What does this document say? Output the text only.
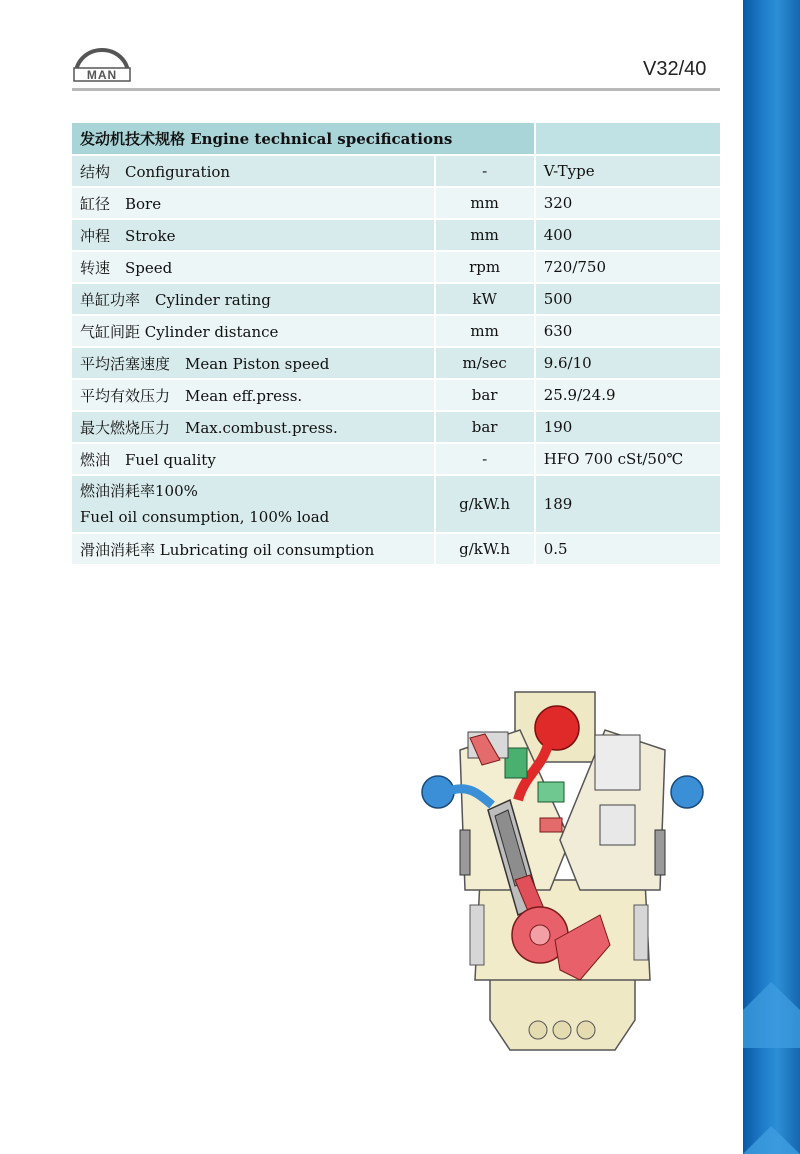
MAN	V32/40
发动机技术规格 Engine technical specifications		
结构　Configuration	-	V-Type
缸径　Bore	mm	320
冲程　Stroke	mm	400
转速　Speed	rpm	720/750
单缸功率　Cylinder rating	kW	500
气缸间距 Cylinder distance	mm	630
平均活塞速度　Mean Piston speed	m/sec	9.6/10
平均有效压力　Mean eff.press.	bar	25.9/24.9
最大燃烧压力　Max.combust.press.	bar	190
燃油　Fuel quality	-	HFO 700 cSt/50℃

燃油消耗率100%
Fuel oil consumption, 100% load	g/kW.h	189
滑油消耗率 Lubricating oil consumption	g/kW.h	0.5
